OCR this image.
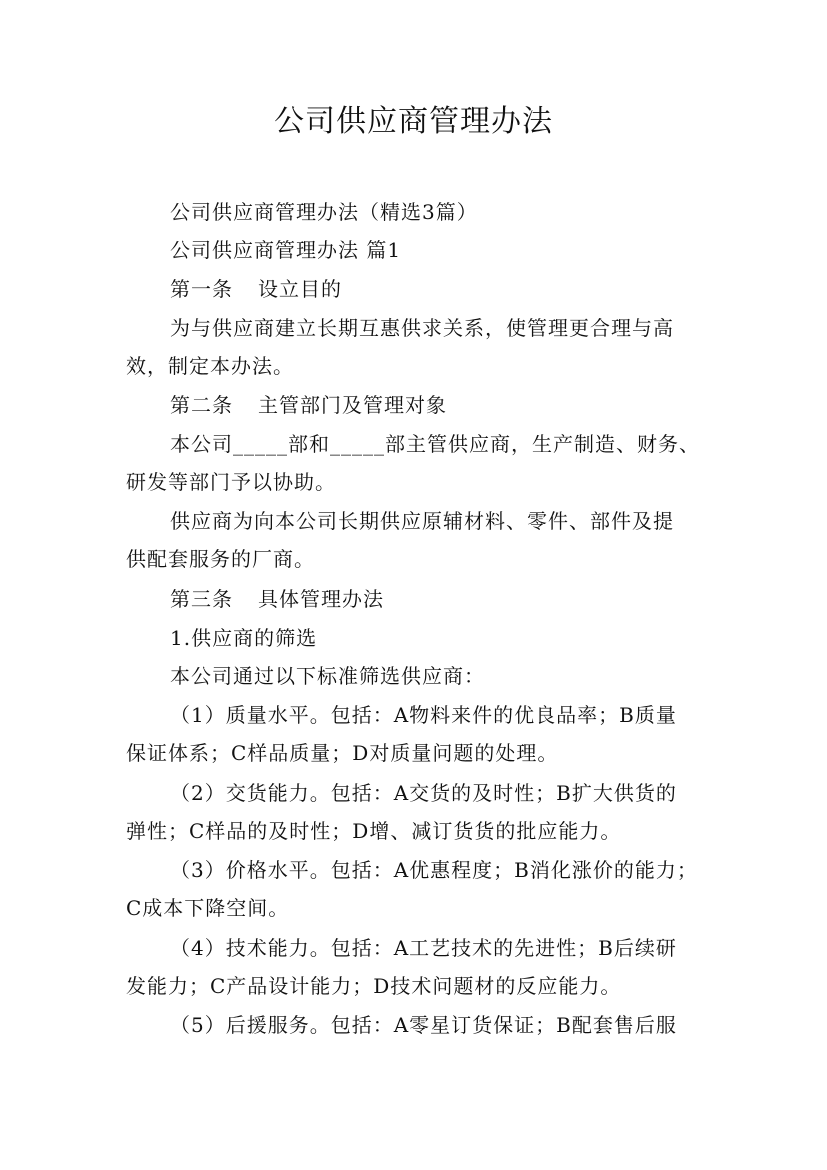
公司供应商管理办法
公司供应商管理办法（精选3篇）
公司供应商管理办法 篇1
第一条 设立目的
为与供应商建立长期互惠供求关系，使管理更合理与高
效，制定本办法。
第二条 主管部门及管理对象
本公司_____部和_____部主管供应商，生产制造、财务、
研发等部门予以协助。
供应商为向本公司长期供应原辅材料、零件、部件及提
供配套服务的厂商。
第三条 具体管理办法
1.供应商的筛选
本公司通过以下标准筛选供应商：
（1）质量水平。包括：A物料来件的优良品率；B质量
保证体系；C样品质量；D对质量问题的处理。
（2）交货能力。包括：A交货的及时性；B扩大供货的
弹性；C样品的及时性；D增、减订货货的批应能力。
（3）价格水平。包括：A优惠程度；B消化涨价的能力；
C成本下降空间。
（4）技术能力。包括：A工艺技术的先进性；B后续研
发能力；C产品设计能力；D技术问题材的反应能力。
（5）后援服务。包括：A零星订货保证；B配套售后服
